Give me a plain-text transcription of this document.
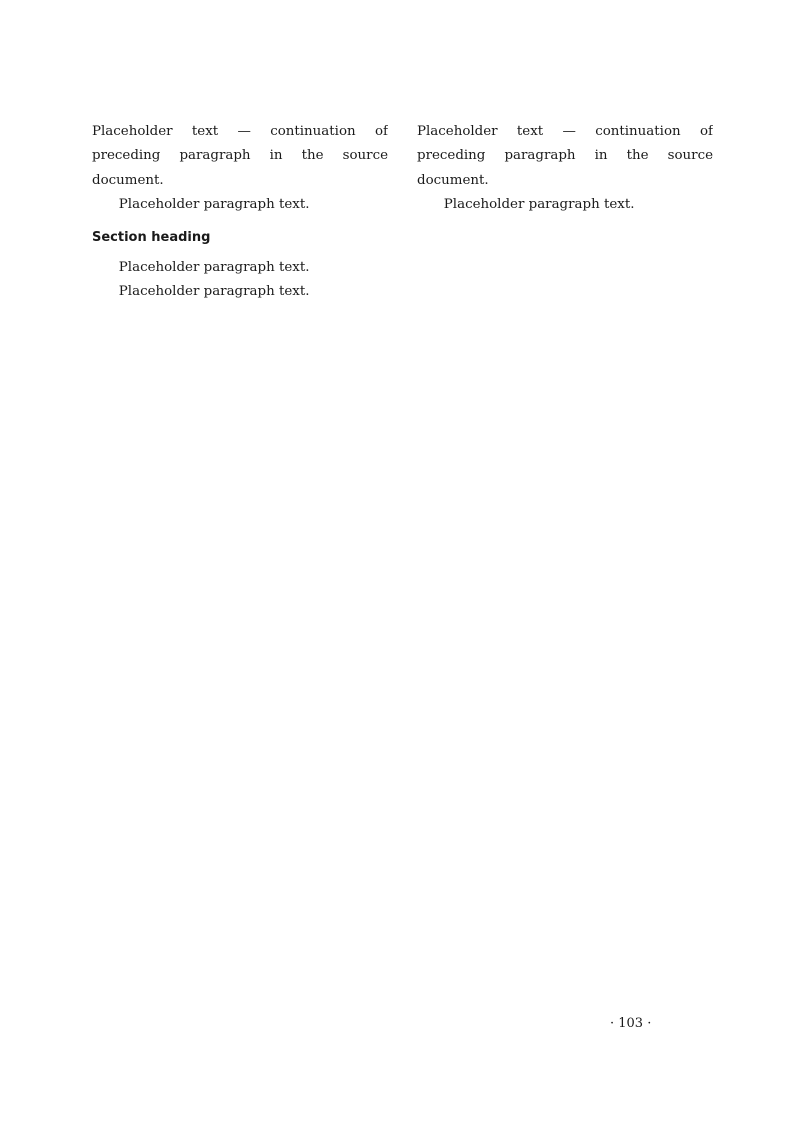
Placeholder text — continuation of preceding paragraph in the source document.

Placeholder paragraph text.

Section heading

Placeholder paragraph text.

Placeholder paragraph text.

Placeholder text — continuation of preceding paragraph in the source document.

Placeholder paragraph text.

· 103 ·
